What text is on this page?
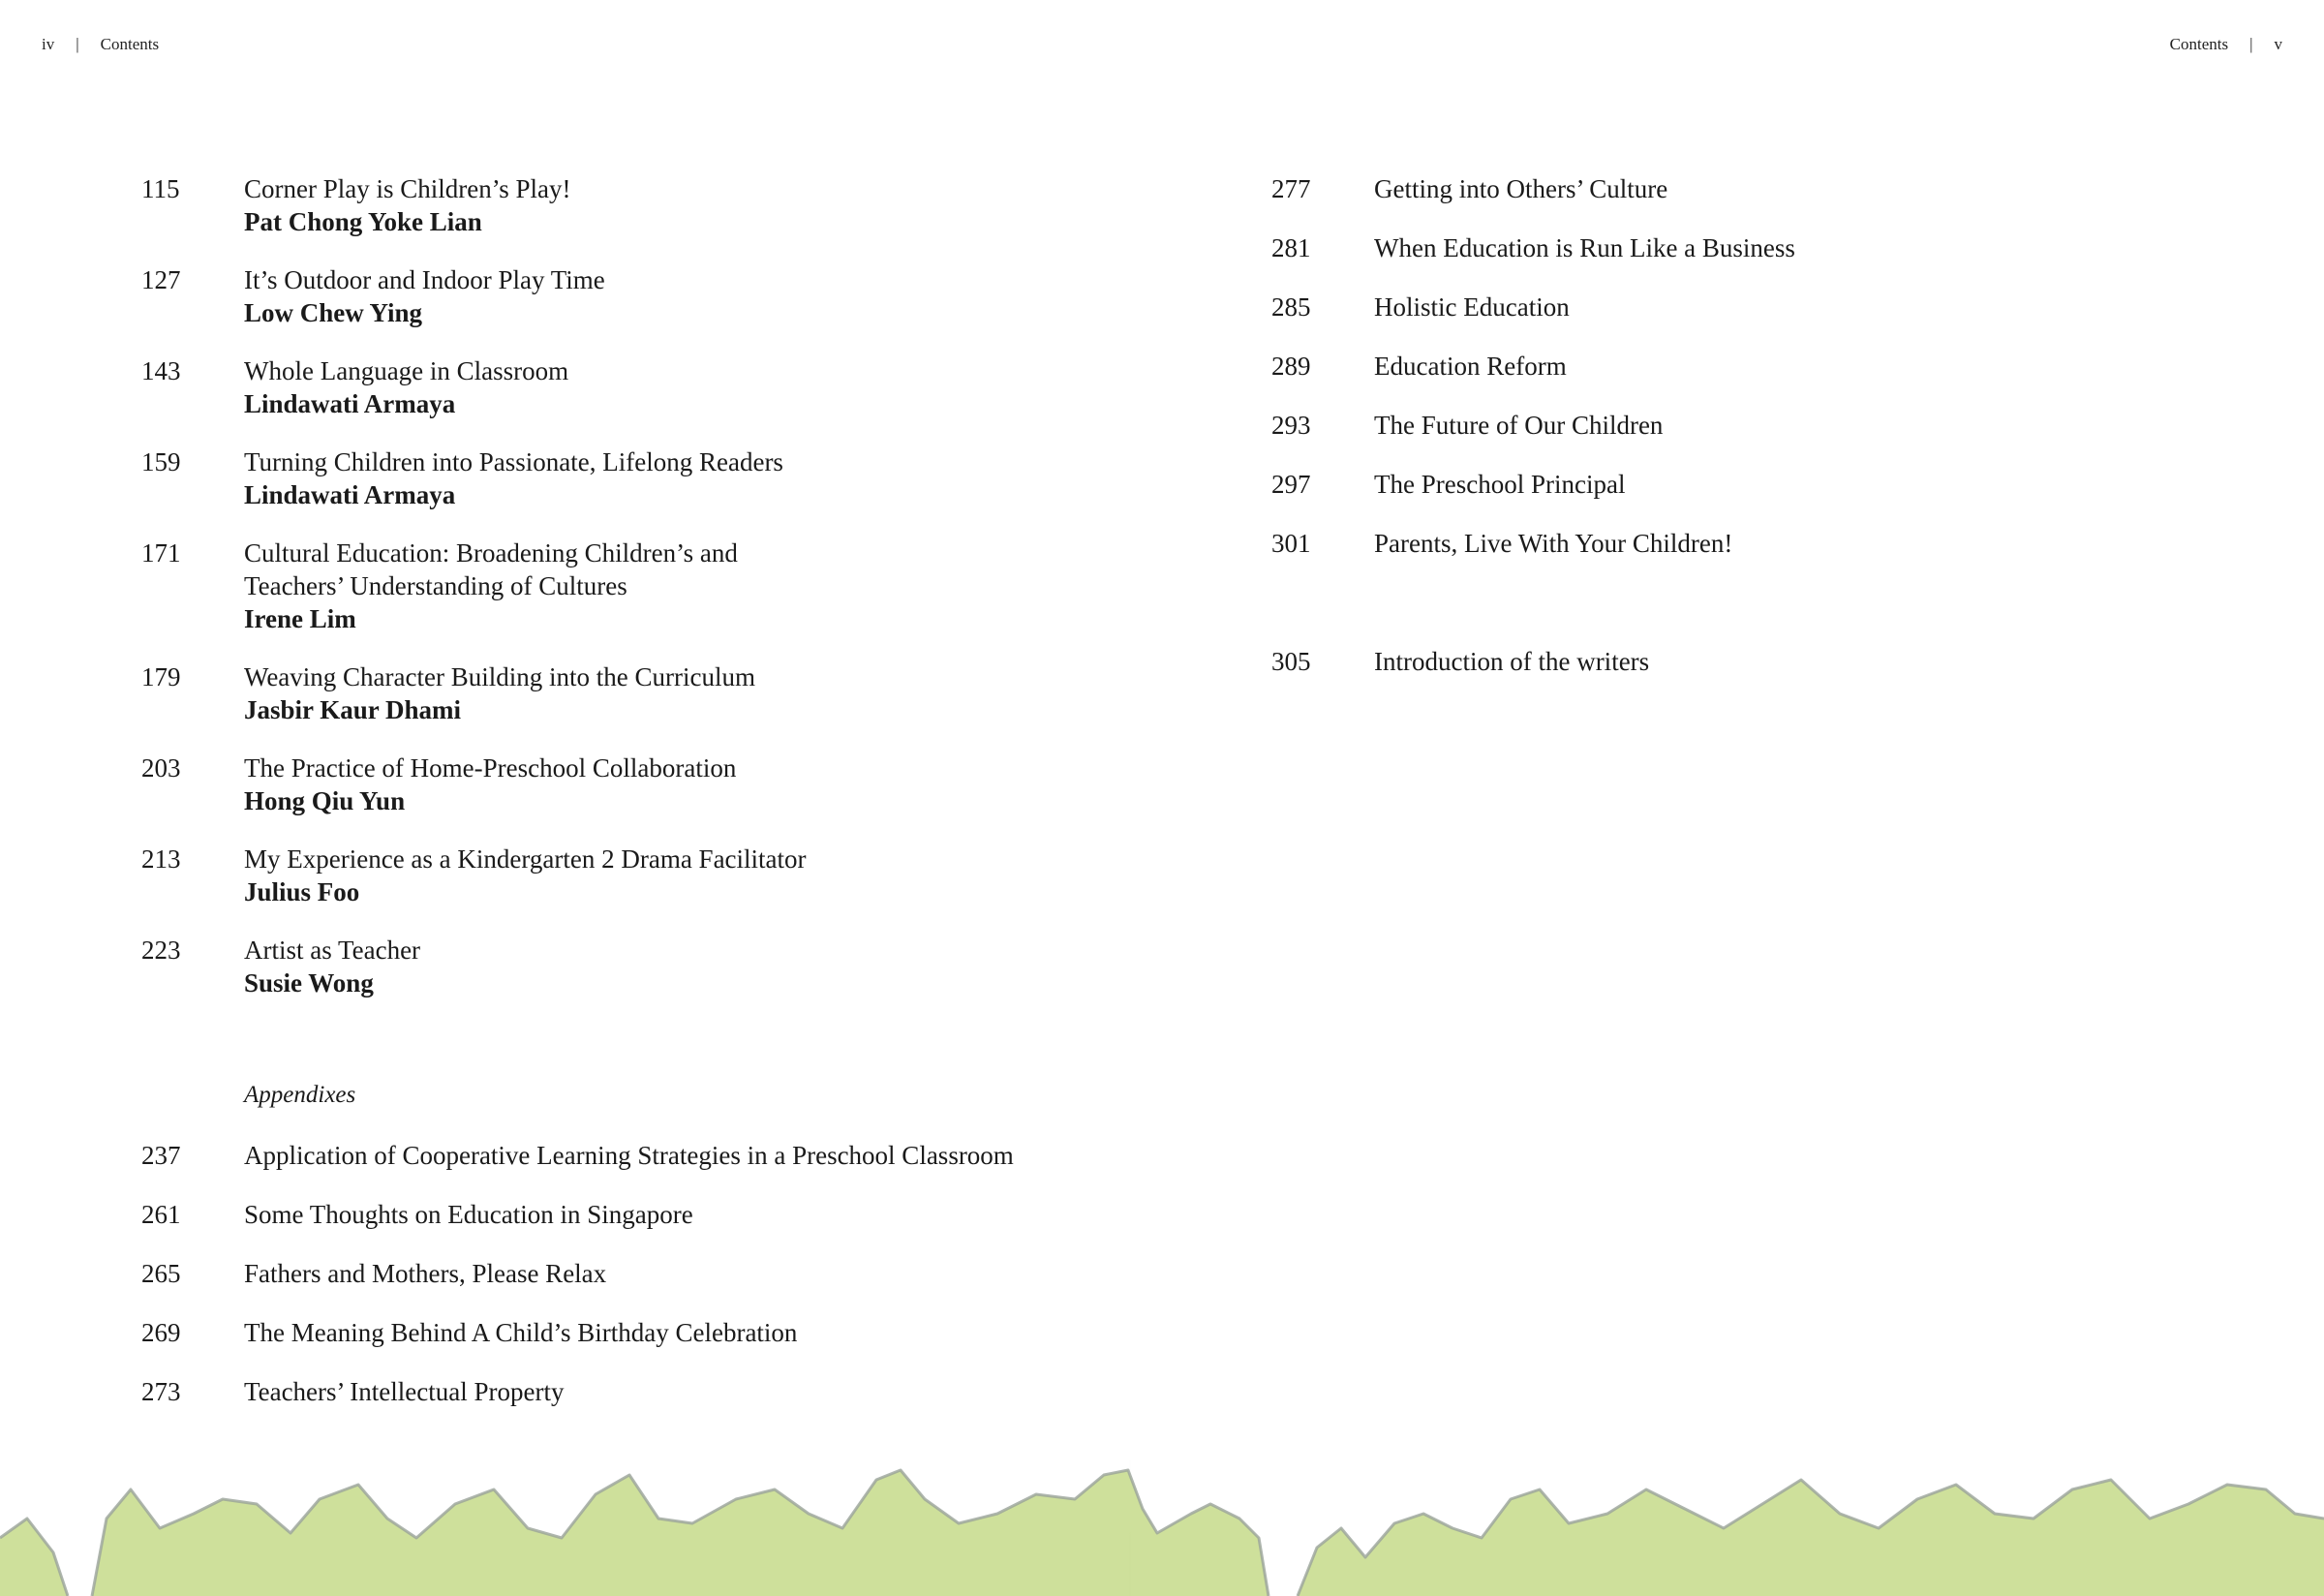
iv | Contents	Contents | v
115	Corner Play is Children’s Play!
Pat Chong Yoke Lian
127	It’s Outdoor and Indoor Play Time
Low Chew Ying
143	Whole Language in Classroom
Lindawati Armaya
159	Turning Children into Passionate, Lifelong Readers
Lindawati Armaya
171	Cultural Education: Broadening Children’s and
Teachers’ Understanding of Cultures
Irene Lim
179	Weaving Character Building into the Curriculum
Jasbir Kaur Dhami
203	The Practice of Home-Preschool Collaboration
Hong Qiu Yun
213	My Experience as a Kindergarten 2 Drama Facilitator
Julius Foo
223	Artist as Teacher
Susie Wong
Appendixes
237	Application of Cooperative Learning Strategies in a Preschool Classroom
261	Some Thoughts on Education in Singapore
265	Fathers and Mothers, Please Relax
269	The Meaning Behind A Child’s Birthday Celebration
273	Teachers’ Intellectual Property
277	Getting into Others’ Culture
281	When Education is Run Like a Business
285	Holistic Education
289	Education Reform
293	The Future of Our Children
297	The Preschool Principal
301	Parents, Live With Your Children!
305	Introduction of the writers
